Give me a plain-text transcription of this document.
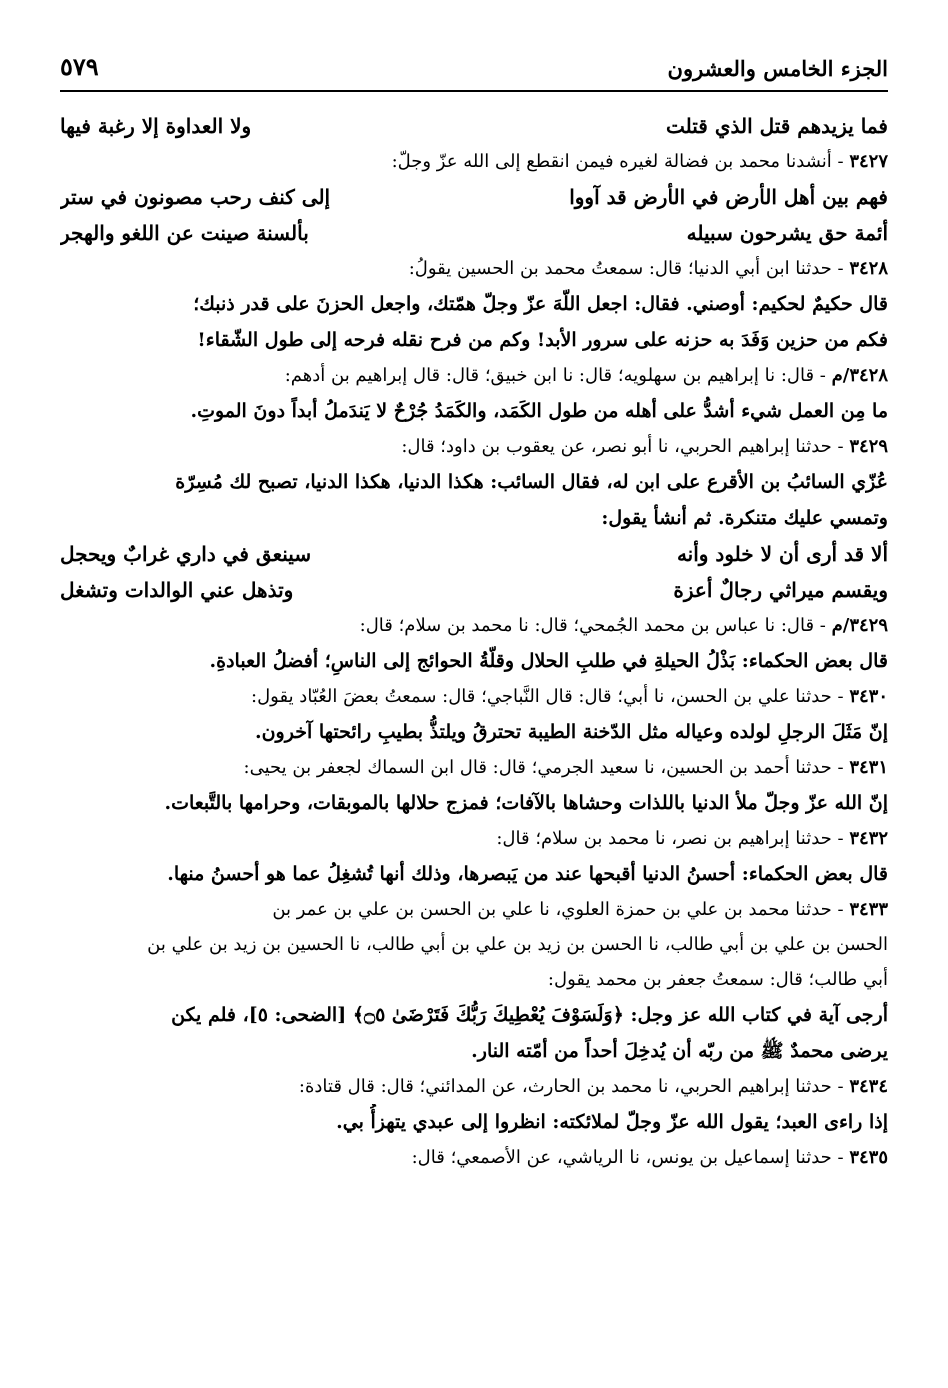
الجزء الخامس والعشرون
٥٧٩
فما يزيدهم قتل الذي قتلت
ولا العداوة إلا رغبة فيها
٣٤٢٧ - أنشدنا محمد بن فضالة لغيره فيمن انقطع إلى الله عزّ وجلّ:
فهم بين أهل الأرض في الأرض قد آووا
إلى كنف رحب مصونون في ستر
أئمة حق يشرحون سبيله
بألسنة صينت عن اللغو والهجر
٣٤٢٨ - حدثنا ابن أبي الدنيا؛ قال: سمعتُ محمد بن الحسين يقولُ:
قال حكيمٌ لحكيم: أوصني. فقال: اجعل اللّهَ عزّ وجلّ همّتك، واجعل الحزنَ على قدر ذنبك؛
فكم من حزين وَفَدَ به حزنه على سرور الأبد! وكم من فرح نقله فرحه إلى طول الشّقاء!
٣٤٢٨/م - قال: نا إبراهيم بن سهلويه؛ قال: نا ابن خبيق؛ قال: قال إبراهيم بن أدهم:
ما مِن العمل شيء أشدُّ على أهله من طول الكَمَد، والكَمَدُ جُرْحٌ لا يَندَملُ أبداً دونَ الموتِ.
٣٤٢٩ - حدثنا إبراهيم الحربي، نا أبو نصر، عن يعقوب بن داود؛ قال:
عُزّي السائبُ بن الأقرع على ابن له، فقال السائب: هكذا الدنيا، هكذا الدنيا، تصبح لك مُسِرّة
وتمسي عليك متنكرة. ثم أنشأ يقول:
ألا قد أرى أن لا خلود وأنه
سينعق في داري غرابٌ ويحجل
ويقسم ميراثي رجالٌ أعزة
وتذهل عني الوالدات وتشغل
٣٤٢٩/م - قال: نا عباس بن محمد الجُمحي؛ قال: نا محمد بن سلام؛ قال:
قال بعض الحكماء: بَذْلُ الحيلةِ في طلبِ الحلال وقلّةُ الحوائج إلى الناسِ؛ أفضلُ العبادةِ.
٣٤٣٠ - حدثنا علي بن الحسن، نا أبي؛ قال: قال النَّباجي؛ قال: سمعتُ بعضَ العُبّاد يقول:
إنّ مَثَلَ الرجلِ لولده وعياله مثل الدّخنة الطيبة تحترقُ ويلتذُّ بطيبِ رائحتها آخرون.
٣٤٣١ - حدثنا أحمد بن الحسين، نا سعيد الجرمي؛ قال: قال ابن السماك لجعفر بن يحيى:
إنّ الله عزّ وجلّ ملأ الدنيا باللذات وحشاها بالآفات؛ فمزج حلالها بالموبقات، وحرامها بالتَّبعات.
٣٤٣٢ - حدثنا إبراهيم بن نصر، نا محمد بن سلام؛ قال:
قال بعض الحكماء: أحسنُ الدنيا أقبحها عند من يَبصرها، وذلك أنها تُشغِلُ عما هو أحسنُ منها.
٣٤٣٣ - حدثنا محمد بن علي بن حمزة العلوي، نا علي بن الحسن بن علي بن عمر بن
الحسن بن علي بن أبي طالب، نا الحسن بن زيد بن علي بن أبي طالب، نا الحسين بن زيد بن علي بن
أبي طالب؛ قال: سمعتُ جعفر بن محمد يقول:
أرجى آية في كتاب الله عز وجل: ﴿وَلَسَوْفَ يُعْطِيكَ رَبُّكَ فَتَرْضَىٰ ۝٥﴾ [الضحى: ٥]، فلم يكن
يرضى محمدٌ ﷺ من ربّه أن يُدخِلَ أحداً من أمّته النار.
٣٤٣٤ - حدثنا إبراهيم الحربي، نا محمد بن الحارث، عن المدائني؛ قال: قال قتادة:
إذا راءى العبد؛ يقول الله عزّ وجلّ لملائكته: انظروا إلى عبدي يتهزأُ بي.
٣٤٣٥ - حدثنا إسماعيل بن يونس، نا الرياشي، عن الأصمعي؛ قال:
